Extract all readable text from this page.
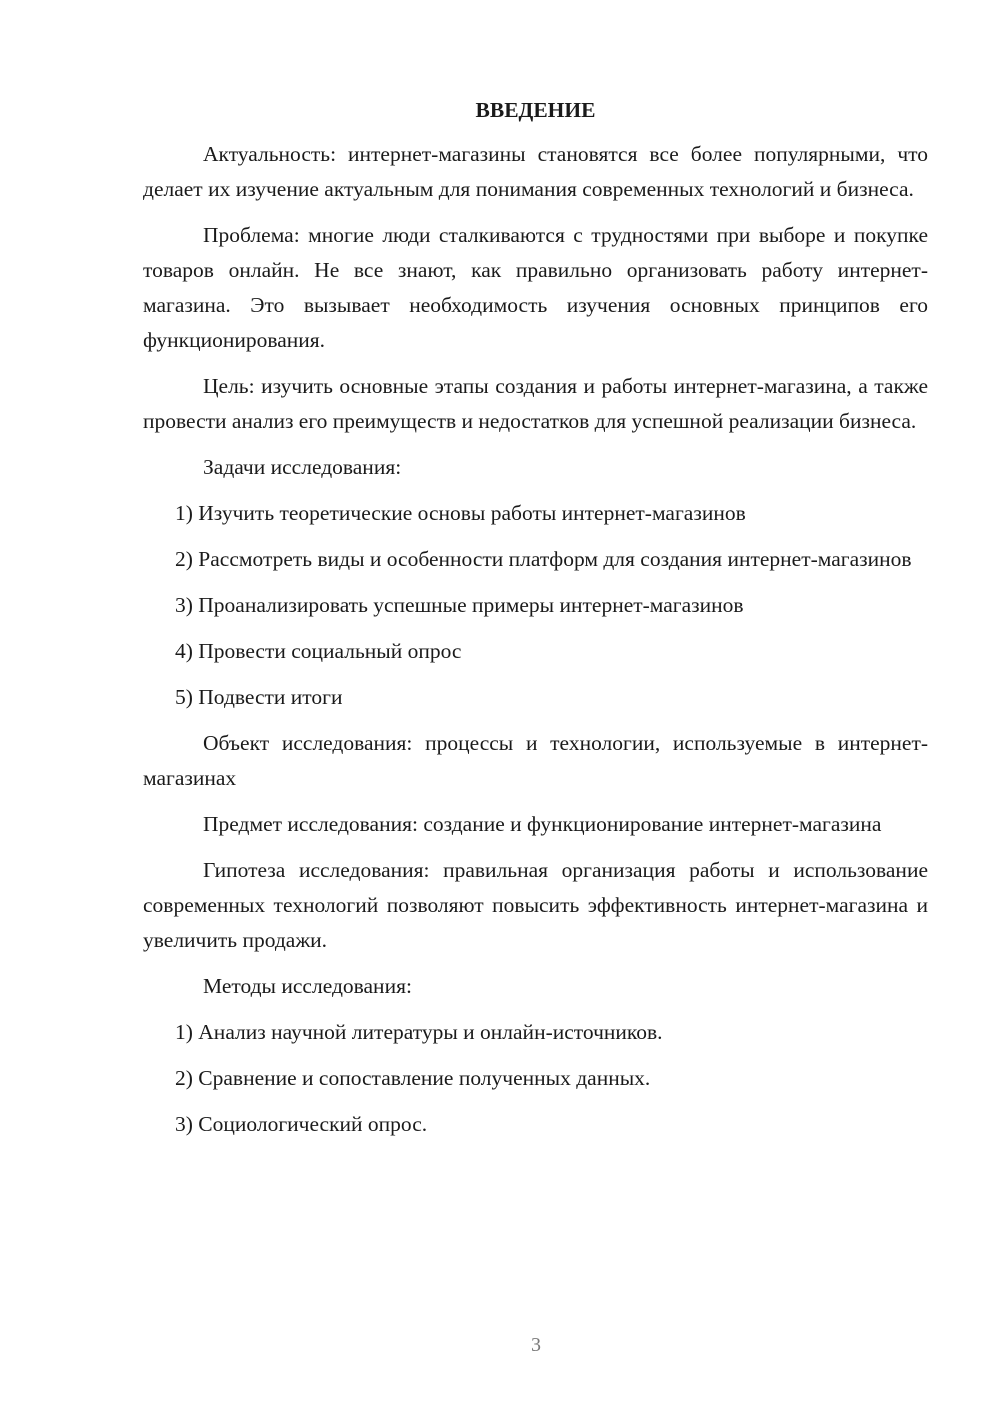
ВВЕДЕНИЕ

Актуальность: интернет-магазины становятся все более популярными, что делает их изучение актуальным для понимания современных технологий и бизнеса.

Проблема: многие люди сталкиваются с трудностями при выборе и покупке товаров онлайн. Не все знают, как правильно организовать работу интернет-магазина. Это вызывает необходимость изучения основных принципов его функционирования.

Цель: изучить основные этапы создания и работы интернет-магазина, а также провести анализ его преимуществ и недостатков для успешной реализации бизнеса.

Задачи исследования:

1) Изучить теоретические основы работы интернет-магазинов

2) Рассмотреть виды и особенности платформ для создания интернет-магазинов

3) Проанализировать успешные примеры интернет-магазинов

4) Провести социальный опрос

5) Подвести итоги

Объект исследования: процессы и технологии, используемые в интернет-магазинах

Предмет исследования: создание и функционирование интернет-магазина

Гипотеза исследования: правильная организация работы и использование современных технологий позволяют повысить эффективность интернет-магазина и увеличить продажи.

Методы исследования:

1) Анализ научной литературы и онлайн-источников.

2) Сравнение и сопоставление полученных данных.

3) Социологический опрос.

3
